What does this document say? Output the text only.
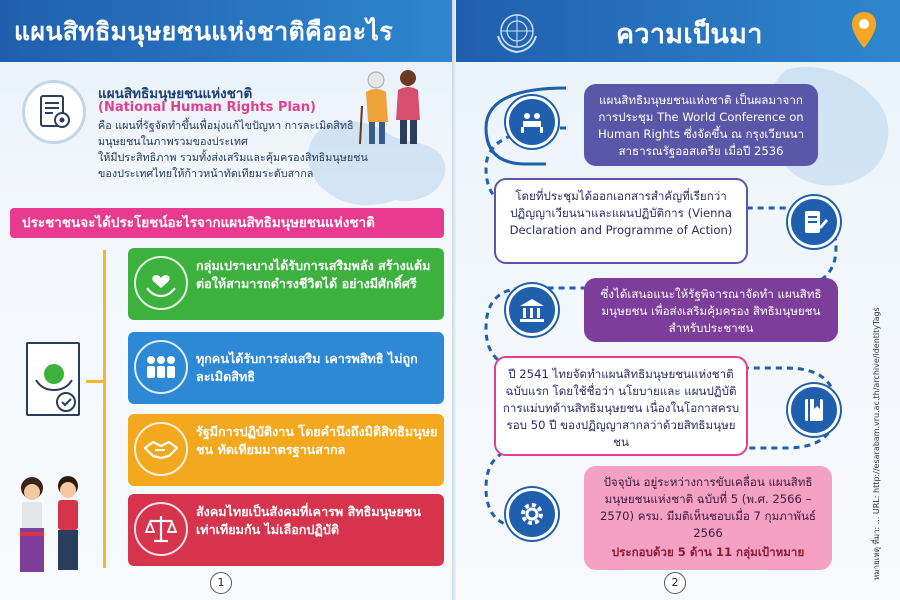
แผนสิทธิมนุษยชนแห่งชาติคืออะไร
แผนสิทธิมนุษยชนแห่งชาติ
(National Human Rights Plan)
คือ แผนที่รัฐจัดทำขึ้นเพื่อมุ่งแก้ไขปัญหา การละเมิดสิทธิมนุษยชนในภาพรวมของประเทศ
ให้มีประสิทธิภาพ รวมทั้งส่งเสริมและคุ้มครองสิทธิมนุษยชน ของประเทศไทยให้ก้าวหน้าทัดเทียมระดับสากล
ประชาชนจะได้ประโยชน์อะไรจากแผนสิทธิมนุษยชนแห่งชาติ
กลุ่มเปราะบางได้รับการเสริมพลัง สร้างแต้มต่อให้สามารถดำรงชีวิตได้ อย่างมีศักดิ์ศรี
ทุกคนได้รับการส่งเสริม เคารพสิทธิ ไม่ถูกละเมิดสิทธิ
รัฐมีการปฏิบัติงาน โดยคำนึงถึงมิติสิทธิมนุษยชน ทัดเทียมมาตรฐานสากล
สังคมไทยเป็นสังคมที่เคารพ สิทธิมนุษยชนเท่าเทียมกัน ไม่เลือกปฏิบัติ
1
ความเป็นมา
แผนสิทธิมนุษยชนแห่งชาติ เป็นผลมาจาก การประชุม The World Conference on Human Rights ซึ่งจัดขึ้น ณ กรุงเวียนนา สาธารณรัฐออสเตรีย เมื่อปี 2536
โดยที่ประชุมได้ออกเอกสารสำคัญที่เรียกว่า ปฏิญญาเวียนนาและแผนปฏิบัติการ (Vienna Declaration and Programme of Action)
ซึ่งได้เสนอแนะให้รัฐพิจารณาจัดทำ แผนสิทธิมนุษยชน เพื่อส่งเสริมคุ้มครอง สิทธิมนุษยชนสำหรับประชาชน
ปี 2541 ไทยจัดทำแผนสิทธิมนุษยชนแห่งชาติ ฉบับแรก โดยใช้ชื่อว่า นโยบายและ แผนปฏิบัติการแม่บทด้านสิทธิมนุษยชน เนื่องในโอกาสครบรอบ 50 ปี ของปฏิญญาสากลว่าด้วยสิทธิมนุษยชน
ปัจจุบัน อยู่ระหว่างการขับเคลื่อน แผนสิทธิมนุษยชนแห่งชาติ ฉบับที่ 5 (พ.ศ. 2566 – 2570) ครม. มีมติเห็นชอบเมื่อ 7 กุมภาพันธ์ 2566
ประกอบด้วย 5 ด้าน 11 กลุ่มเป้าหมาย	หมายเหตุ ที่มา: ... URL: http://esarabam.vru.ac.th/archive/identityTags
2
